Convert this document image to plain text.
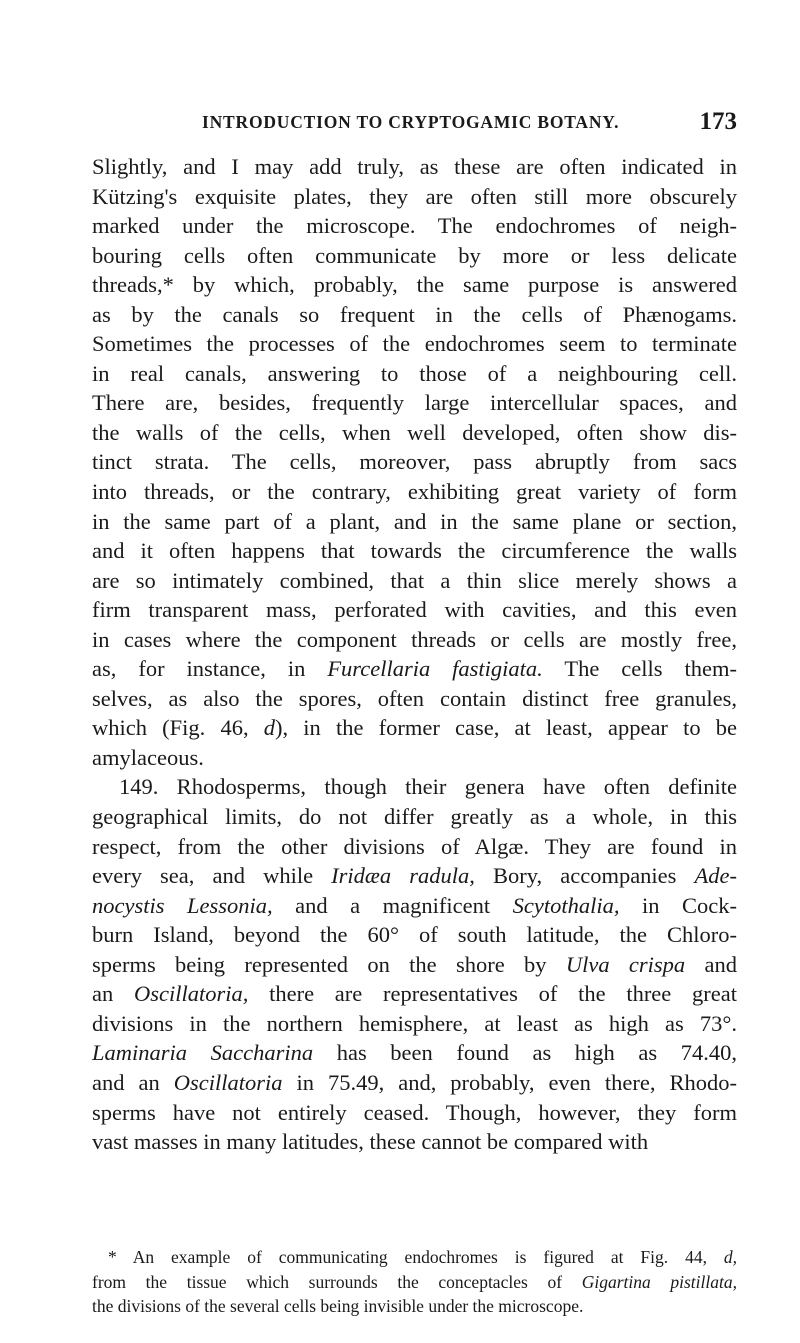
INTRODUCTION TO CRYPTOGAMIC BOTANY.	173
Slightly, and I may add truly, as these are often indicated in
Kützing's exquisite plates, they are often still more obscurely
marked under the microscope. The endochromes of neigh-
bouring cells often communicate by more or less delicate
threads,* by which, probably, the same purpose is answered
as by the canals so frequent in the cells of Phænogams.
Sometimes the processes of the endochromes seem to terminate
in real canals, answering to those of a neighbouring cell.
There are, besides, frequently large intercellular spaces, and
the walls of the cells, when well developed, often show dis-
tinct strata. The cells, moreover, pass abruptly from sacs
into threads, or the contrary, exhibiting great variety of form
in the same part of a plant, and in the same plane or section,
and it often happens that towards the circumference the walls
are so intimately combined, that a thin slice merely shows a
firm transparent mass, perforated with cavities, and this even
in cases where the component threads or cells are mostly free,
as, for instance, in Furcellaria fastigiata. The cells them-
selves, as also the spores, often contain distinct free granules,
which (Fig. 46, d), in the former case, at least, appear to be
amylaceous.
149. Rhodosperms, though their genera have often definite
geographical limits, do not differ greatly as a whole, in this
respect, from the other divisions of Algæ. They are found in
every sea, and while Iridæa radula, Bory, accompanies Ade-
nocystis Lessonia, and a magnificent Scytothalia, in Cock-
burn Island, beyond the 60° of south latitude, the Chloro-
sperms being represented on the shore by Ulva crispa and
an Oscillatoria, there are representatives of the three great
divisions in the northern hemisphere, at least as high as 73°.
Laminaria Saccharina has been found as high as 74.40,
and an Oscillatoria in 75.49, and, probably, even there, Rhodo-
sperms have not entirely ceased. Though, however, they form
vast masses in many latitudes, these cannot be compared with
* An example of communicating endochromes is figured at Fig. 44, d,
from the tissue which surrounds the conceptacles of Gigartina pistillata,
the divisions of the several cells being invisible under the microscope.
